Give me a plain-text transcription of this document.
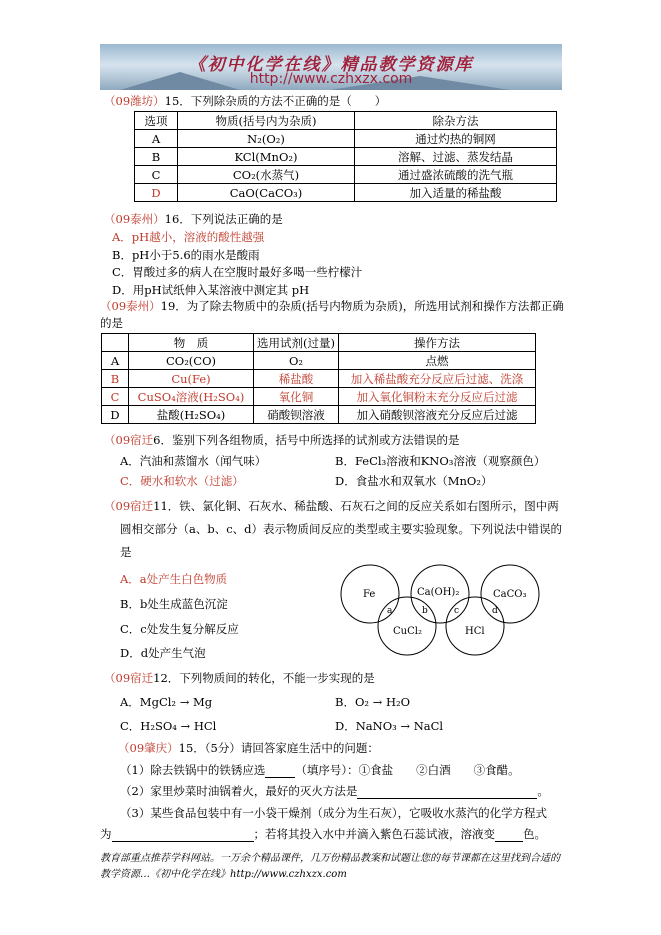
《初中化学在线》精品教学资源库
http://www.czhxzx.com
（09潍坊）15．下列除杂质的方法不正确的是（　　）
选项	物质(括号内为杂质)	除杂方法
A	N₂(O₂)	通过灼热的铜网
B	KCl(MnO₂)	溶解、过滤、蒸发结晶
C	CO₂(水蒸气)	通过盛浓硫酸的洗气瓶
D	CaO(CaCO₃)	加入适量的稀盐酸
（09泰州）16．下列说法正确的是
A．pH越小，溶液的酸性越强
B．pH小于5.6的雨水是酸雨
C．胃酸过多的病人在空腹时最好多喝一些柠檬汁
D．用pH试纸伸入某溶液中测定其 pH
（09泰州）19．为了除去物质中的杂质(括号内物质为杂质)，所选用试剂和操作方法都正确
的是
	物　质	选用试剂(过量)	操作方法
A	CO₂(CO)	O₂	点燃
B	Cu(Fe)	稀盐酸	加入稀盐酸充分反应后过滤、洗涤
C	CuSO₄溶液(H₂SO₄)	氧化铜	加入氧化铜粉末充分反应后过滤
D	盐酸(H₂SO₄)	硝酸钡溶液	加入硝酸钡溶液充分反应后过滤
（09宿迁6．鉴别下列各组物质，括号中所选择的试剂或方法错误的是
A．汽油和蒸馏水（闻气味）	B．FeCl₃溶液和KNO₃溶液（观察颜色）
C．硬水和软水（过滤）	D．食盐水和双氧水（MnO₂）
（09宿迁11．铁、氯化铜、石灰水、稀盐酸、石灰石之间的反应关系如右图所示，图中两
圆相交部分（a、b、c、d）表示物质间反应的类型或主要实验现象。下列说法中错误的
是
A．a处产生白色物质
B．b处生成蓝色沉淀
C．c处发生复分解反应
D．d处产生气泡
Fe	Ca(OH)₂	CaCO₃
CuCl₂	HCl
a	b	c	d
（09宿迁12．下列物质间的转化，不能一步实现的是
A．MgCl₂ → Mg	B．O₂ → H₂O
C．H₂SO₄ → HCl	D．NaNO₃ → NaCl
（09肇庆）15．（5分）请回答家庭生活中的问题：
（1）除去铁锅中的铁锈应选	（填序号）：①食盐　　②白酒　　③食醋。
（2）家里炒菜时油锅着火，最好的灭火方法是	。
（3）某些食品包装中有一小袋干燥剂（成分为生石灰），它吸收水蒸汽的化学方程式
为	；若将其投入水中并滴入紫色石蕊试液，溶液变 色。
教育部重点推荐学科网站。一万余个精品课件，几万份精品教案和试题让您的每节课都在这里找到合适的
教学资源…《初中化学在线》http://www.czhxzx.com
